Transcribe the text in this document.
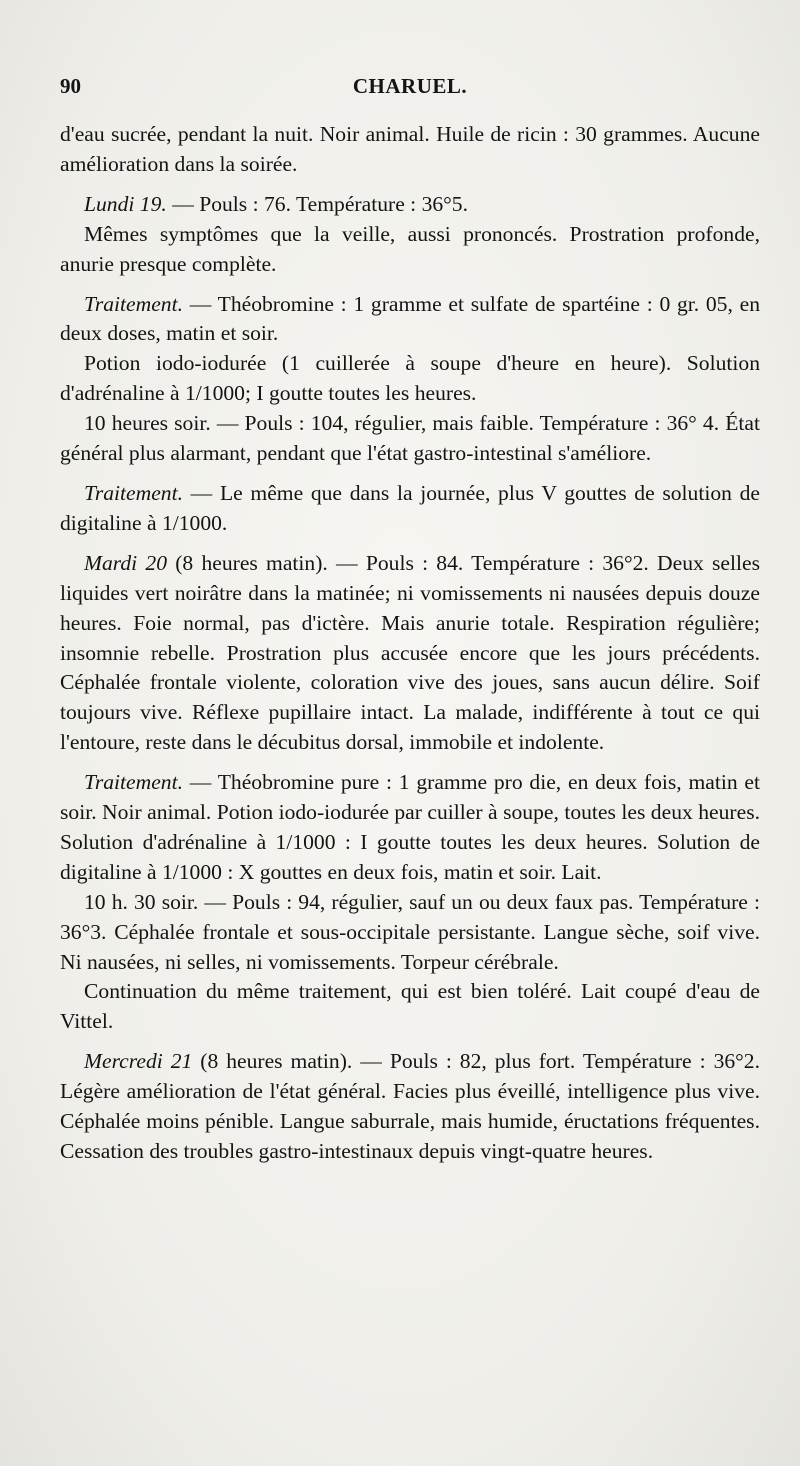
90	CHARUEL.

d'eau sucrée, pendant la nuit. Noir animal. Huile de ricin : 30 grammes. Aucune amélioration dans la soirée.

Lundi 19. — Pouls : 76. Température : 36°5.

Mêmes symptômes que la veille, aussi prononcés. Prostration profonde, anurie presque complète.

Traitement. — Théobromine : 1 gramme et sulfate de spartéine : 0 gr. 05, en deux doses, matin et soir.

Potion iodo-iodurée (1 cuillerée à soupe d'heure en heure). Solution d'adrénaline à 1/1000; I goutte toutes les heures.

10 heures soir. — Pouls : 104, régulier, mais faible. Température : 36° 4. État général plus alarmant, pendant que l'état gastro-intestinal s'améliore.

Traitement. — Le même que dans la journée, plus V gouttes de solution de digitaline à 1/1000.

Mardi 20 (8 heures matin). — Pouls : 84. Température : 36°2. Deux selles liquides vert noirâtre dans la matinée; ni vomissements ni nausées depuis douze heures. Foie normal, pas d'ictère. Mais anurie totale. Respiration régulière; insomnie rebelle. Prostration plus accusée encore que les jours précédents. Céphalée frontale violente, coloration vive des joues, sans aucun délire. Soif toujours vive. Réflexe pupillaire intact. La malade, indifférente à tout ce qui l'entoure, reste dans le décubitus dorsal, immobile et indolente.

Traitement. — Théobromine pure : 1 gramme pro die, en deux fois, matin et soir. Noir animal. Potion iodo-iodurée par cuiller à soupe, toutes les deux heures. Solution d'adrénaline à 1/1000 : I goutte toutes les deux heures. Solution de digitaline à 1/1000 : X gouttes en deux fois, matin et soir. Lait.

10 h. 30 soir. — Pouls : 94, régulier, sauf un ou deux faux pas. Température : 36°3. Céphalée frontale et sous-occipitale persistante. Langue sèche, soif vive. Ni nausées, ni selles, ni vomissements. Torpeur cérébrale.

Continuation du même traitement, qui est bien toléré. Lait coupé d'eau de Vittel.

Mercredi 21 (8 heures matin). — Pouls : 82, plus fort. Température : 36°2. Légère amélioration de l'état général. Facies plus éveillé, intelligence plus vive. Céphalée moins pénible. Langue saburrale, mais humide, éructations fréquentes. Cessation des troubles gastro-intestinaux depuis vingt-quatre heures.
